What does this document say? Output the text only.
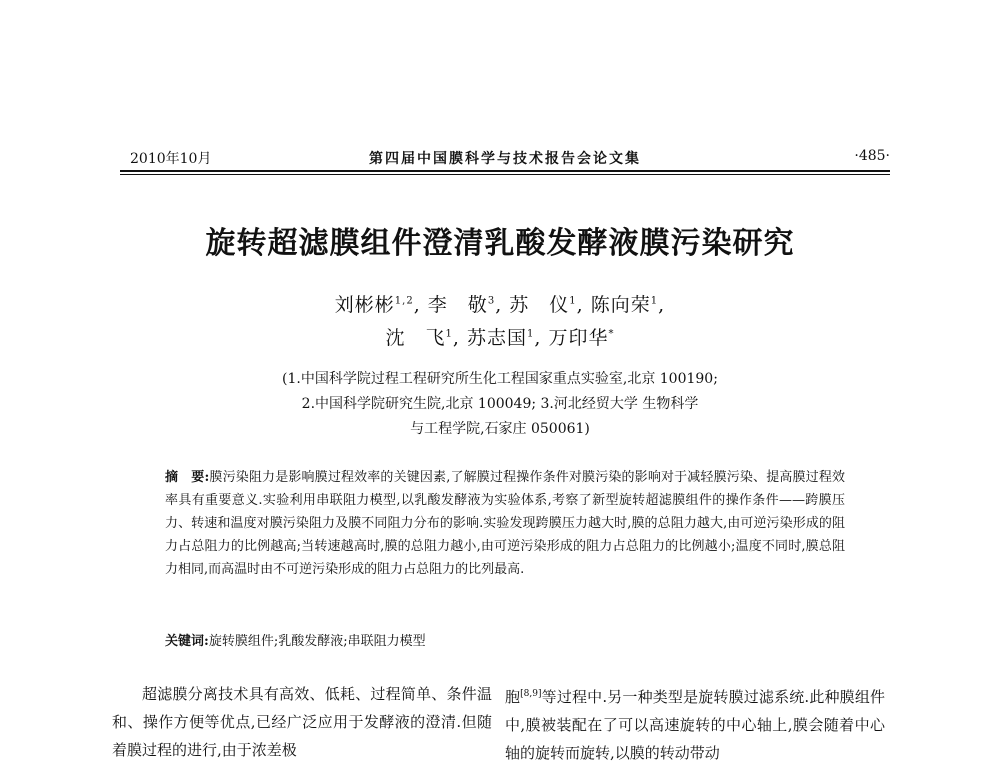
2010年10月	第四届中国膜科学与技术报告会论文集	·485·
旋转超滤膜组件澄清乳酸发酵液膜污染研究
刘彬彬$^{1,2}$, 李　敬$^3$, 苏　仪$^1$, 陈向荣$^1$,
沈　飞$^1$, 苏志国$^1$, 万印华*
(1.中国科学院过程工程研究所生化工程国家重点实验室,北京 100190;
2.中国科学院研究生院,北京 100049; 3.河北经贸大学 生物科学
与工程学院,石家庄 050061)
摘　要:膜污染阻力是影响膜过程效率的关键因素,了解膜过程操作条件对膜污染的影响对于减轻膜污染、提高膜过程效率具有重要意义.实验利用串联阻力模型,以乳酸发酵液为实验体系,考察了新型旋转超滤膜组件的操作条件——跨膜压力、转速和温度对膜污染阻力及膜不同阻力分布的影响.实验发现跨膜压力越大时,膜的总阻力越大,由可逆污染形成的阻力占总阻力的比例越高;当转速越高时,膜的总阻力越小,由可逆污染形成的阻力占总阻力的比例越小;温度不同时,膜总阻力相同,而高温时由不可逆污染形成的阻力占总阻力的比列最高.
关键词:旋转膜组件;乳酸发酵液;串联阻力模型
超滤膜分离技术具有高效、低耗、过程简单、条件温和、操作方便等优点,已经广泛应用于发酵液的澄清.但随着膜过程的进行,由于浓差极
胞[8,9]等过程中.另一种类型是旋转膜过滤系统.此种膜组件中,膜被装配在了可以高速旋转的中心轴上,膜会随着中心轴的旋转而旋转,以膜的转动带动
